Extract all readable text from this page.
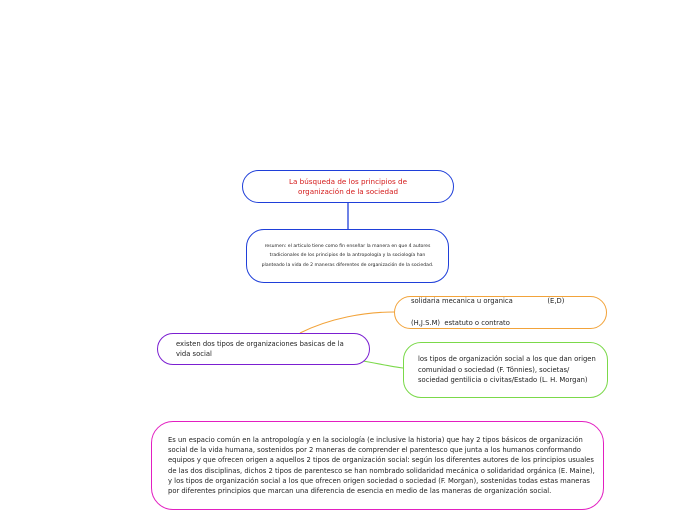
La búsqueda de los principios de organización de la sociedad
resumen: el articulo tiene como fin enseñar la manera en que 4 autores tradicionales de los principios de la antropología y la sociología han planteado la vida de 2 maneras diferentes de organización de la sociedad.
solidaria mecanica u organica                (E,D)

(H,J.S.M)  estatuto o contrato
existen dos tipos de organizaciones basicas de la vida social
los tipos de organización social a los que dan origen comunidad o sociedad (F. Tönnies), societas/ sociedad gentilicia o civitas/Estado (L. H. Morgan)
Es un espacio común en la antropología y en la sociología (e inclusive la historia) que hay 2 tipos básicos de organización social de la vida humana, sostenidos por 2 maneras de comprender el parentesco que junta a los humanos conformando equipos y que ofrecen origen a aquellos 2 tipos de organización social: según los diferentes autores de los principios usuales de las dos disciplinas, dichos 2 tipos de parentesco se han nombrado solidaridad mecánica o solidaridad orgánica (E. Maine), y los tipos de organización social a los que ofrecen origen sociedad o sociedad (F. Morgan), sostenidas todas estas maneras por diferentes principios que marcan una diferencia de esencia en medio de las maneras de organización social.
